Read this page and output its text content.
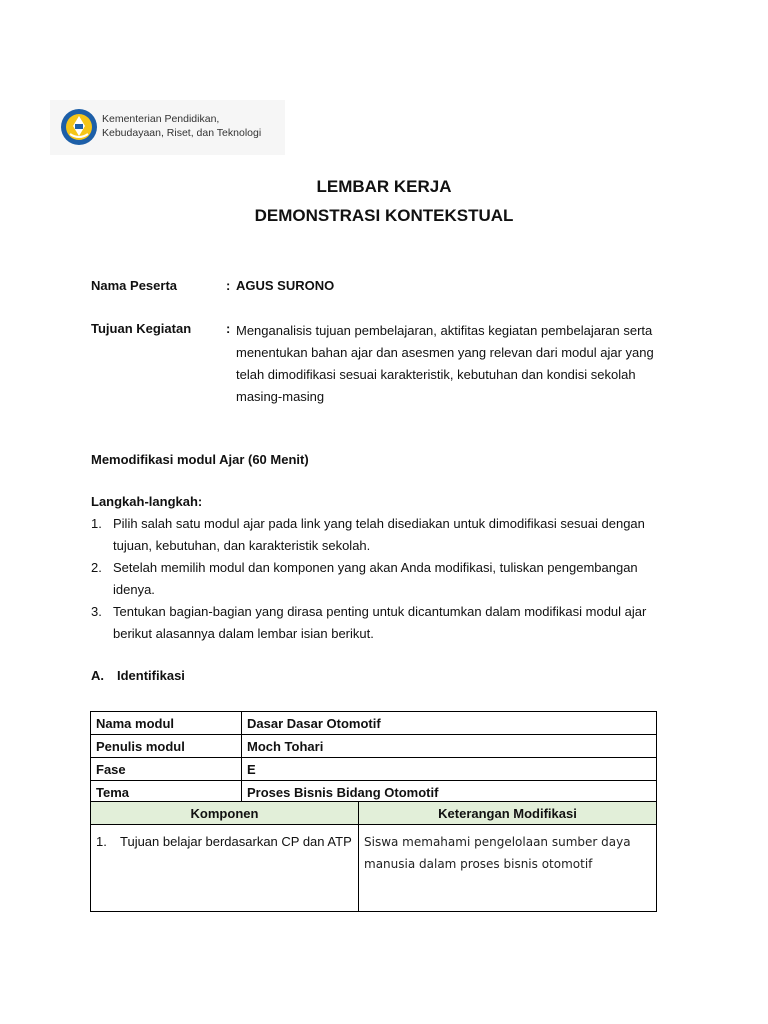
Kementerian Pendidikan,
Kebudayaan, Riset, dan Teknologi
LEMBAR KERJA
DEMONSTRASI KONTEKSTUAL
Nama Peserta	: AGUS SURONO
Tujuan Kegiatan	: Menganalisis tujuan pembelajaran, aktifitas kegiatan pembelajaran serta menentukan bahan ajar dan asesmen yang relevan dari modul ajar yang telah dimodifikasi sesuai karakteristik, kebutuhan dan kondisi sekolah masing-masing
Memodifikasi modul Ajar (60 Menit)
Langkah-langkah:
1. Pilih salah satu modul ajar pada link yang telah disediakan untuk dimodifikasi sesuai dengan tujuan, kebutuhan, dan karakteristik sekolah.
2. Setelah memilih modul dan komponen yang akan Anda modifikasi, tuliskan pengembangan idenya.
3. Tentukan bagian-bagian yang dirasa penting untuk dicantumkan dalam modifikasi modul ajar berikut alasannya dalam lembar isian berikut.
A. Identifikasi
Nama modul	Dasar Dasar Otomotif
Penulis modul	Moch Tohari
Fase	E
Tema	Proses Bisnis Bidang Otomotif
Komponen	Keterangan Modifikasi

1. Tujuan belajar berdasarkan CP dan ATP	Siswa memahami pengelolaan sumber daya manusia dalam proses bisnis otomotif
